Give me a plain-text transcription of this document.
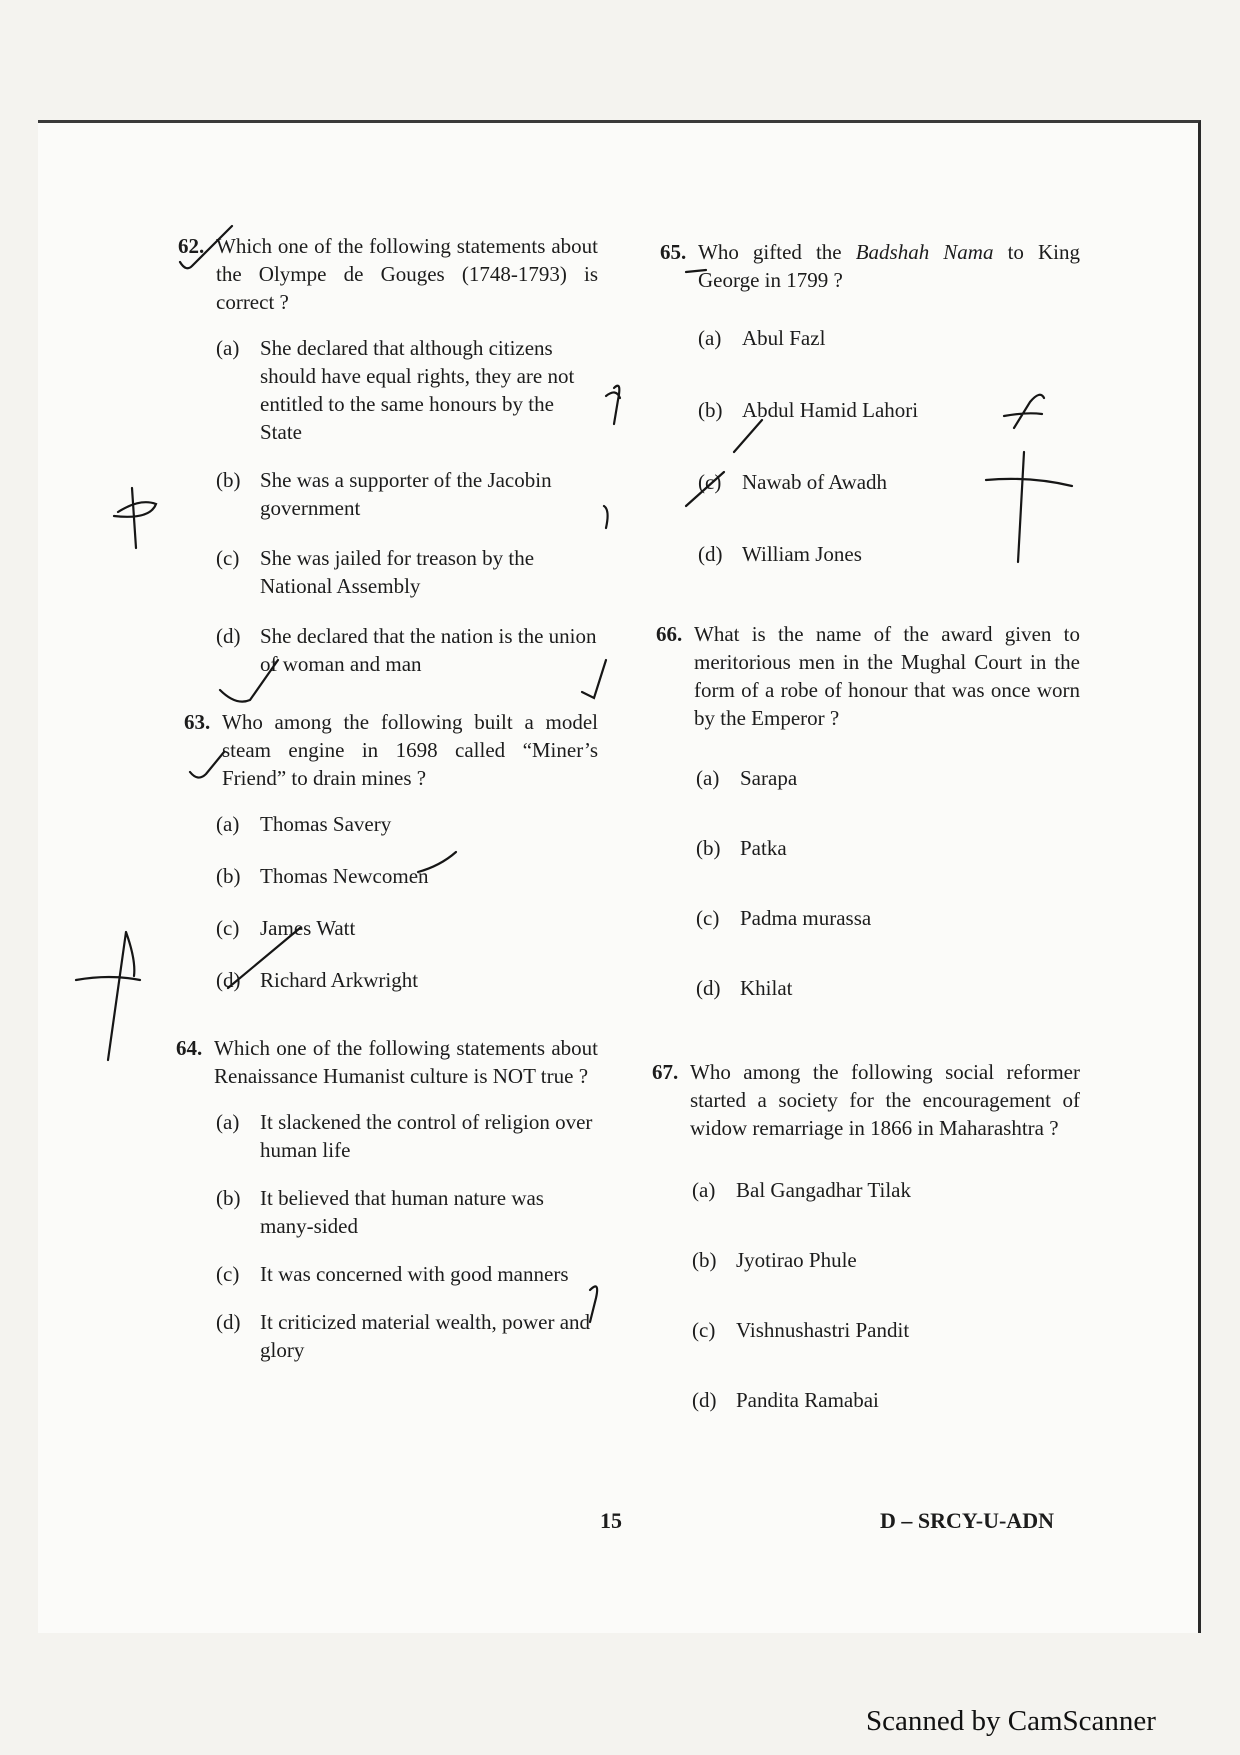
62. Which one of the following statements about the Olympe de Gouges (1748-1793) is correct ?
(a) She declared that although citizens should have equal rights, they are not entitled to the same honours by the State
(b) She was a supporter of the Jacobin government
(c) She was jailed for treason by the National Assembly
(d) She declared that the nation is the union of woman and man
63. Who among the following built a model steam engine in 1698 called “Miner’s Friend” to drain mines ?
(a) Thomas Savery
(b) Thomas Newcomen
(c) James Watt
(d) Richard Arkwright
64. Which one of the following statements about Renaissance Humanist culture is NOT true ?
(a) It slackened the control of religion over human life
(b) It believed that human nature was many-sided
(c) It was concerned with good manners
(d) It criticized material wealth, power and glory
65. Who gifted the Badshah Nama to King George in 1799 ?
(a) Abul Fazl
(b) Abdul Hamid Lahori
(c) Nawab of Awadh
(d) William Jones
66. What is the name of the award given to meritorious men in the Mughal Court in the form of a robe of honour that was once worn by the Emperor ?
(a) Sarapa
(b) Patka
(c) Padma murassa
(d) Khilat
67. Who among the following social reformer started a society for the encouragement of widow remarriage in 1866 in Maharashtra ?
(a) Bal Gangadhar Tilak
(b) Jyotirao Phule
(c) Vishnushastri Pandit
(d) Pandita Ramabai
15	D – SRCY-U-ADN
Scanned by CamScanner
